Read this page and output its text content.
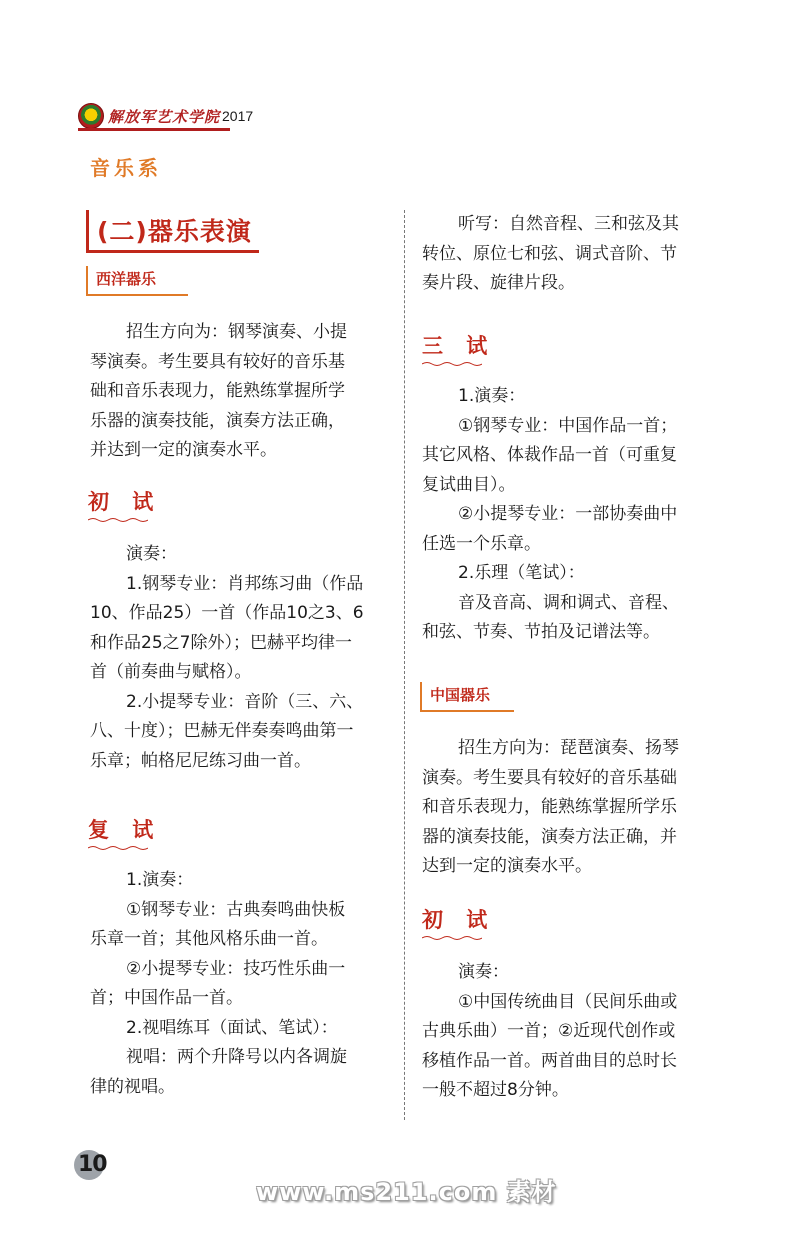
解放军艺术学院 2017
音乐系
(二)器乐表演
西洋器乐
招生方向为：钢琴演奏、小提
琴演奏。考生要具有较好的音乐基
础和音乐表现力，能熟练掌握所学
乐器的演奏技能，演奏方法正确，
并达到一定的演奏水平。
初 试
演奏：
1.钢琴专业：肖邦练习曲（作品
10、作品25）一首（作品10之3、6
和作品25之7除外）；巴赫平均律一
首（前奏曲与赋格）。
2.小提琴专业：音阶（三、六、
八、十度）；巴赫无伴奏奏鸣曲第一
乐章；帕格尼尼练习曲一首。
复 试
1.演奏：
①钢琴专业：古典奏鸣曲快板
乐章一首；其他风格乐曲一首。
②小提琴专业：技巧性乐曲一
首；中国作品一首。
2.视唱练耳（面试、笔试）：
视唱：两个升降号以内各调旋
律的视唱。
听写：自然音程、三和弦及其
转位、原位七和弦、调式音阶、节
奏片段、旋律片段。
三 试
1.演奏：
①钢琴专业：中国作品一首；
其它风格、体裁作品一首（可重复
复试曲目）。
②小提琴专业：一部协奏曲中
任选一个乐章。
2.乐理（笔试）：
音及音高、调和调式、音程、
和弦、节奏、节拍及记谱法等。
中国器乐
招生方向为：琵琶演奏、扬琴
演奏。考生要具有较好的音乐基础
和音乐表现力，能熟练掌握所学乐
器的演奏技能，演奏方法正确，并
达到一定的演奏水平。
初 试
演奏：
①中国传统曲目（民间乐曲或
古典乐曲）一首；②近现代创作或
移植作品一首。两首曲目的总时长
一般不超过8分钟。
10
www.ms211.com 素材
